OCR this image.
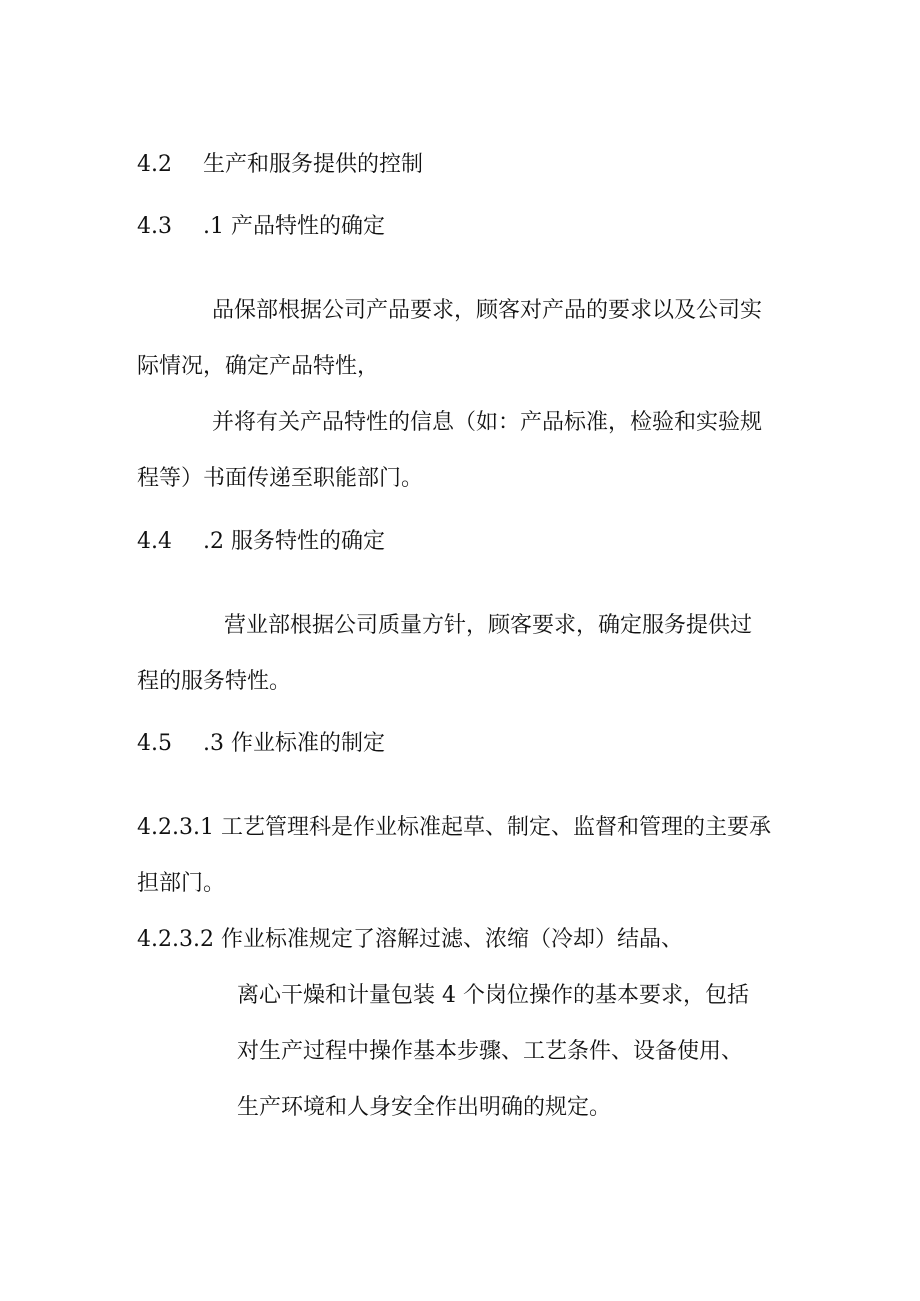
4.2 生产和服务提供的控制
4.3 .1 产品特性的确定
品保部根据公司产品要求，顾客对产品的要求以及公司实
际情况，确定产品特性，
并将有关产品特性的信息（如：产品标准，检验和实验规
程等）书面传递至职能部门。
4.4 .2 服务特性的确定
营业部根据公司质量方针，顾客要求，确定服务提供过
程的服务特性。
4.5 .3 作业标准的制定
4.2.3.1 工艺管理科是作业标准起草、制定、监督和管理的主要承
担部门。
4.2.3.2 作业标准规定了溶解过滤、浓缩（冷却）结晶、
离心干燥和计量包装 4 个岗位操作的基本要求，包括
对生产过程中操作基本步骤、工艺条件、设备使用、
生产环境和人身安全作出明确的规定。
